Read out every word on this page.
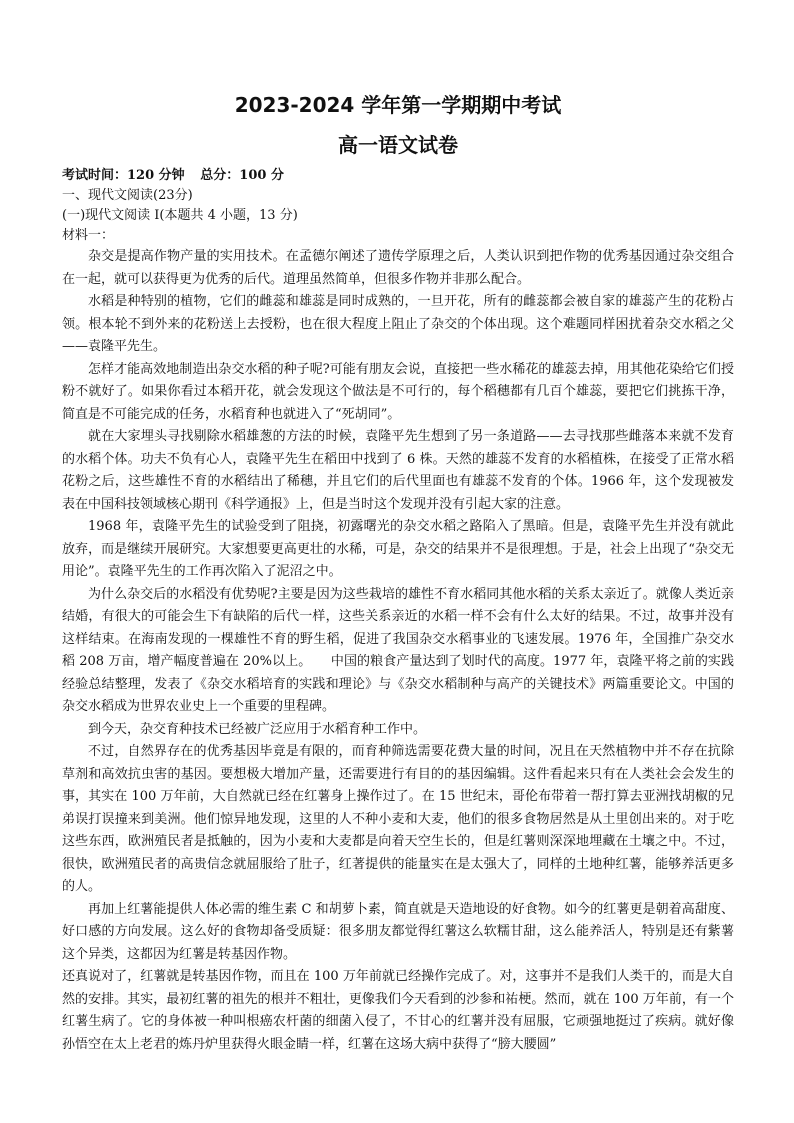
2023-2024 学年第一学期期中考试
高一语文试卷

考试时间：120 分钟 总分：100 分

一、现代文阅读(23分)

(一)现代文阅读 I(本题共 4 小题，13 分)

材料一：

杂交是提高作物产量的实用技术。在孟德尔阐述了遗传学原理之后，人类认识到把作物的优秀基因通过杂交组合在一起，就可以获得更为优秀的后代。道理虽然简单，但很多作物并非那么配合。

水稻是种特别的植物，它们的雌蕊和雄蕊是同时成熟的，一旦开花，所有的雌蕊都会被自家的雄蕊产生的花粉占领。根本轮不到外来的花粉送上去授粉，也在很大程度上阻止了杂交的个体出现。这个难题同样困扰着杂交水稻之父——袁隆平先生。

怎样才能高效地制造出杂交水稻的种子呢?可能有朋友会说，直接把一些水稀花的雄蕊去掉，用其他花染给它们授粉不就好了。如果你看过本稻开花，就会发现这个做法是不可行的，每个稻穗都有几百个雄蕊，要把它们挑拣干净，简直是不可能完成的任务，水稻育种也就进入了“死胡同”。

就在大家埋头寻找剔除水稻雄葱的方法的时候，袁隆平先生想到了另一条道路——去寻找那些雌落本来就不发育的水稻个体。功夫不负有心人，袁隆平先生在稻田中找到了 6 株。天然的雄蕊不发育的水稻植株，在接受了正常水稻花粉之后，这些雄性不育的水稻结出了稀穗，并且它们的后代里面也有雄蕊不发育的个体。1966 年，这个发现被发表在中国科技领域核心期刊《科学通报》上，但是当时这个发现并没有引起大家的注意。

1968 年，袁隆平先生的试验受到了阻挠，初露曙光的杂交水稻之路陷入了黑暗。但是，袁隆平先生并没有就此放弃，而是继续开展研究。大家想要更高更壮的水稀，可是，杂交的结果并不是很理想。于是，社会上出现了“杂交无用论”。袁隆平先生的工作再次陷入了泥沼之中。

为什么杂交后的水稻没有优势呢?主要是因为这些栽培的雄性不育水稻同其他水稻的关系太亲近了。就像人类近亲结婚，有很大的可能会生下有缺陷的后代一样，这些关系亲近的水稻一样不会有什么太好的结果。不过，故事并没有这样结束。在海南发现的一棵雄性不育的野生稻，促进了我国杂交水稻事业的飞速发展。1976 年，全国推广杂交水稻 208 万亩，增产幅度普遍在 20%以上。　　中国的粮食产量达到了划时代的高度。1977 年，袁隆平将之前的实践经验总结整理，发表了《杂交水稻培育的实践和理论》与《杂交水稻制种与高产的关键技术》两篇重要论文。中国的杂交水稻成为世界农业史上一个重要的里程碑。

到今天，杂交育种技术已经被广泛应用于水稻育种工作中。

不过，自然界存在的优秀基因毕竟是有限的，而育种筛选需要花费大量的时间，况且在天然植物中并不存在抗除草剂和高效抗虫害的基因。要想极大增加产量，还需要进行有目的的基因编辑。这件看起来只有在人类社会会发生的事，其实在 100 万年前，大自然就已经在红薯身上操作过了。在 15 世纪末，哥伦布带着一帮打算去亚洲找胡椒的兄弟误打误撞来到美洲。他们惊异地发现，这里的人不种小麦和大麦，他们的很多食物居然是从土里创出来的。对于吃这些东西，欧洲殖民者是抵触的，因为小麦和大麦都是向着天空生长的，但是红薯则深深地埋藏在土壤之中。不过，很快，欧洲殖民者的高贵信念就屈服给了肚子，红著提供的能量实在是太强大了，同样的土地种红薯，能够养活更多的人。

再加上红薯能提供人体必需的维生素 C 和胡萝卜素，简直就是天造地设的好食物。如今的红薯更是朝着高甜度、好口感的方向发展。这么好的食物却备受质疑：很多朋友都觉得红薯这么软糯甘甜，这么能养活人，特别是还有紫薯这个异类，这都因为红薯是转基因作物。

还真说对了，红薯就是转基因作物，而且在 100 万年前就已经操作完成了。对，这事并不是我们人类干的，而是大自然的安排。其实，最初红薯的祖先的根并不粗壮，更像我们今天看到的沙参和祐梗。然而，就在 100 万年前，有一个红薯生病了。它的身体被一种叫根癌农杆菌的细菌入侵了，不甘心的红薯并没有屈服，它顽强地挺过了疾病。就好像孙悟空在太上老君的炼丹炉里获得火眼金睛一样，红薯在这场大病中获得了“膀大腰圆”
